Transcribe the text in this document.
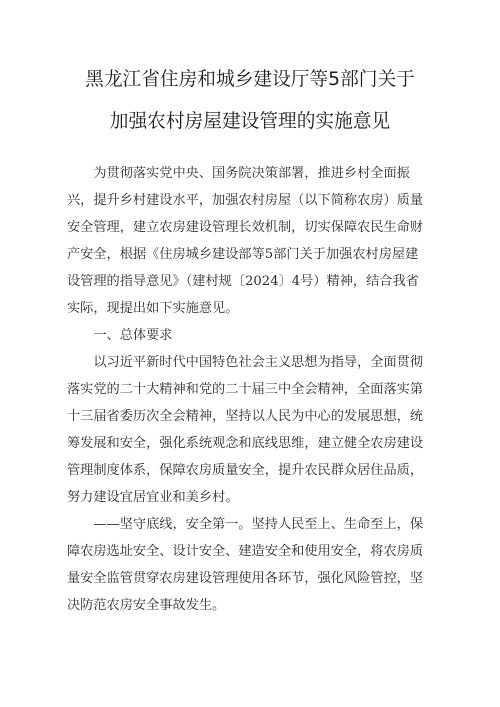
黑龙江省住房和城乡建设厅等5部门关于
加强农村房屋建设管理的实施意见
　　为贯彻落实党中央、国务院决策部署，推进乡村全面振
兴，提升乡村建设水平，加强农村房屋（以下简称农房）质量
安全管理，建立农房建设管理长效机制，切实保障农民生命财
产安全，根据《住房城乡建设部等5部门关于加强农村房屋建
设管理的指导意见》（建村规〔2024〕4号）精神，结合我省
实际，现提出如下实施意见。
　　一、总体要求
　　以习近平新时代中国特色社会主义思想为指导，全面贯彻
落实党的二十大精神和党的二十届三中全会精神，全面落实第
十三届省委历次全会精神，坚持以人民为中心的发展思想，统
筹发展和安全，强化系统观念和底线思维，建立健全农房建设
管理制度体系，保障农房质量安全，提升农民群众居住品质，
努力建设宜居宜业和美乡村。
　　——坚守底线，安全第一。坚持人民至上、生命至上，保
障农房选址安全、设计安全、建造安全和使用安全，将农房质
量安全监管贯穿农房建设管理使用各环节，强化风险管控，坚
决防范农房安全事故发生。
